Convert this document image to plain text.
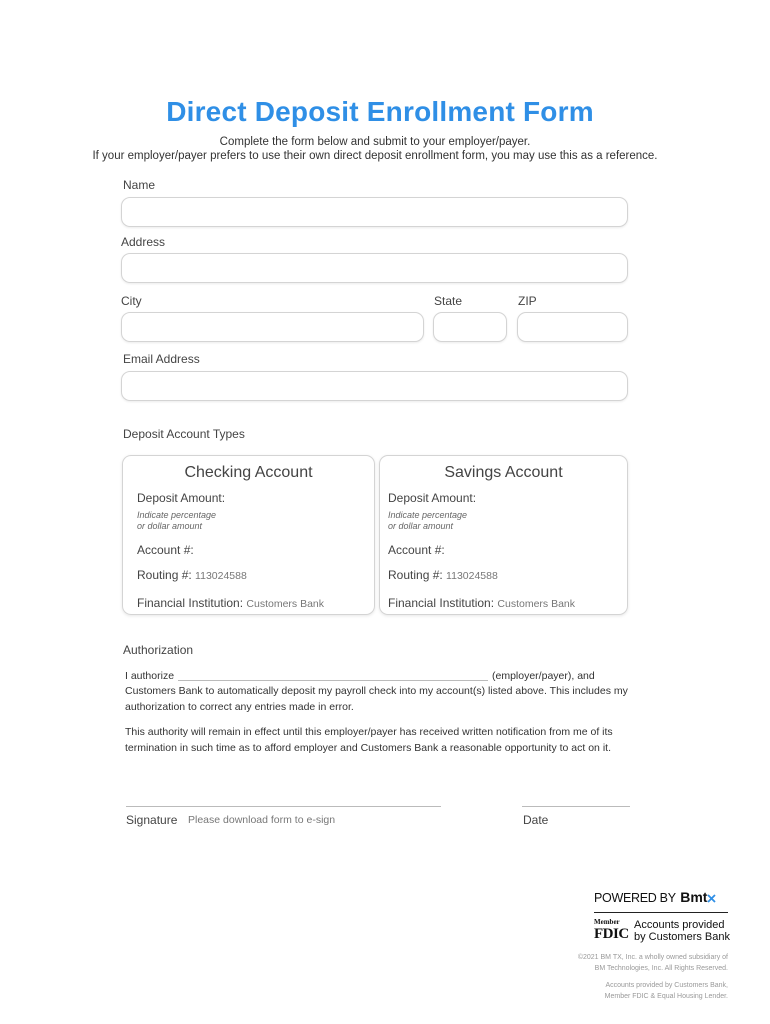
Direct Deposit Enrollment Form
Complete the form below and submit to your employer/payer.
If your employer/payer prefers to use their own direct deposit enrollment form, you may use this as a reference.
Name
Address
City	State	ZIP
Email Address
Deposit Account Types
Checking Account
Deposit Amount:
Indicate percentage
or dollar amount
Account #:
Routing #: 113024588
Financial Institution: Customers Bank
Savings Account
Deposit Amount:
Indicate percentage
or dollar amount
Account #:
Routing #: 113024588
Financial Institution: Customers Bank
Authorization
I authorize	(employer/payer), and
Customers Bank to automatically deposit my payroll check into my account(s) listed above. This includes my authorization to correct any entries made in error.
This authority will remain in effect until this employer/payer has received written notification from me of its termination in such time as to afford employer and Customers Bank a reasonable opportunity to act on it.
Signature Please download form to e-sign	Date
POWERED BY Bmt
Member
FDIC
Accounts provided
by Customers Bank
©2021 BM TX, Inc. a wholly owned subsidiary of
BM Technologies, Inc. All Rights Reserved.
Accounts provided by Customers Bank,
Member FDIC & Equal Housing Lender.
